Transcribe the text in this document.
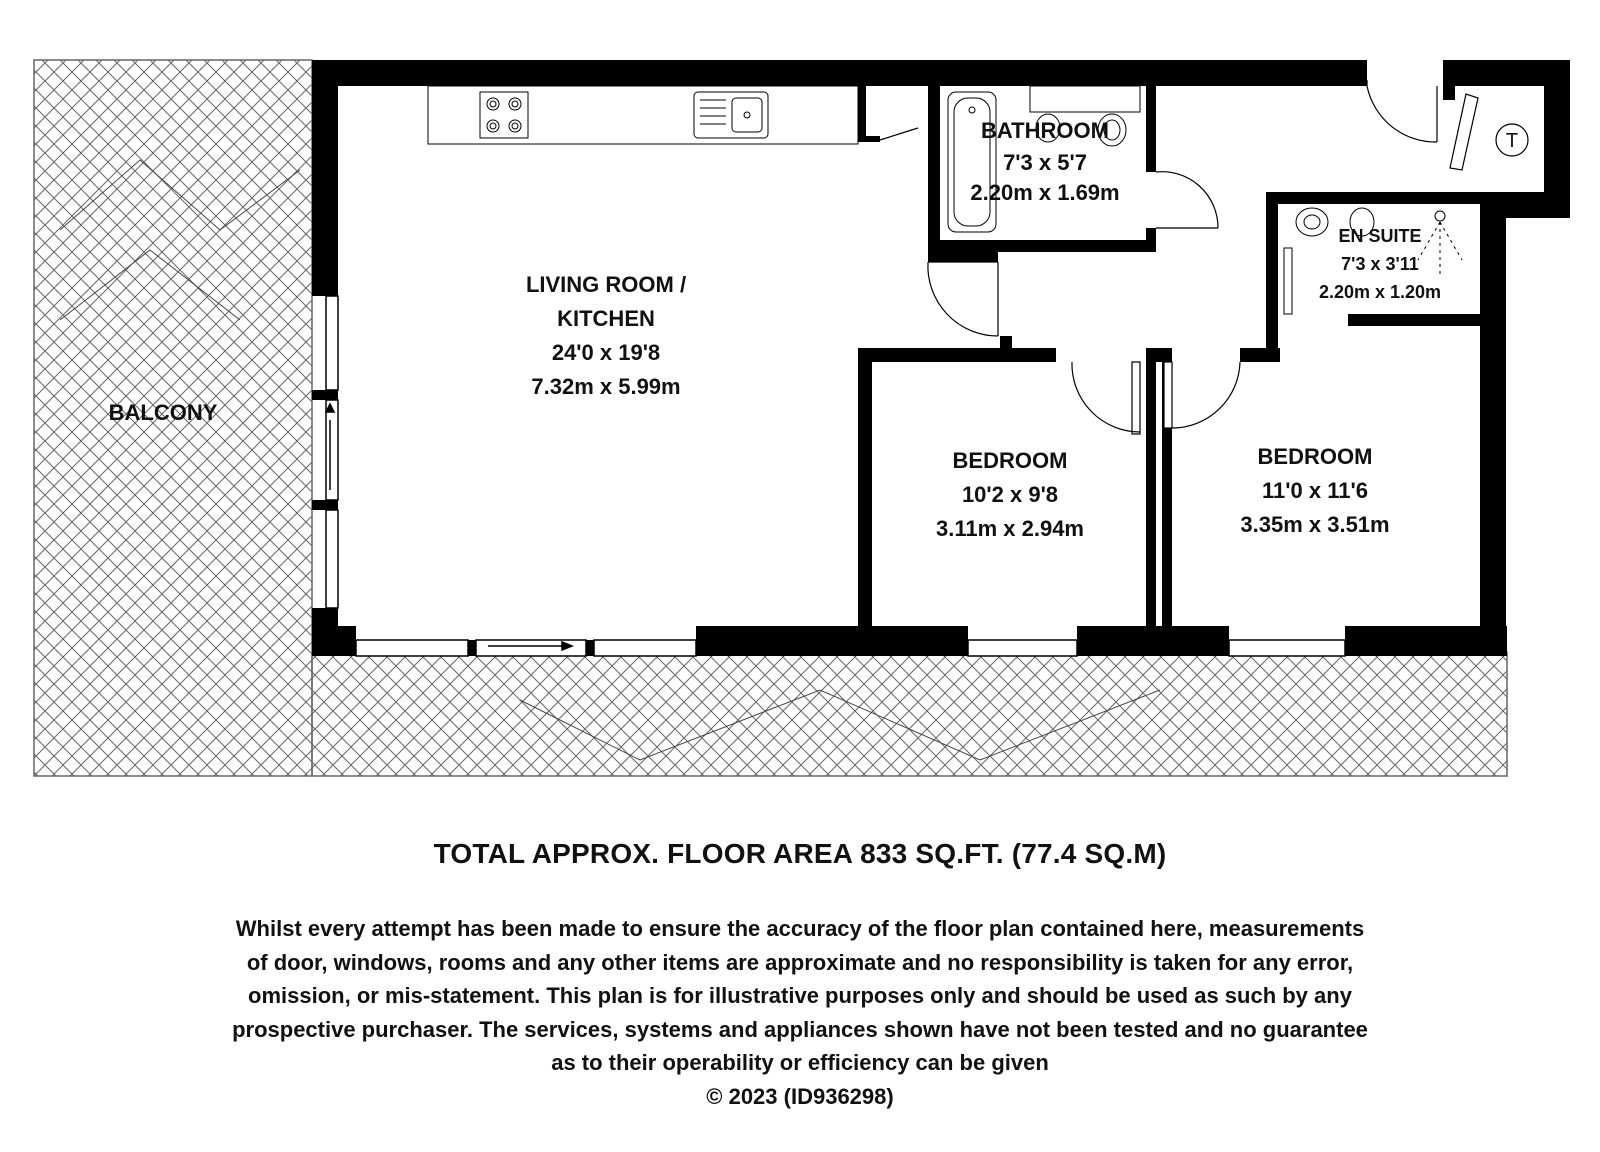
BATHROOM
7'3 x 5'7
2.20m x 1.69m
LIVING ROOM /
KITCHEN
24'0 x 19'8
7.32m x 5.99m
EN SUITE
7'3 x 3'11
2.20m x 1.20m
BEDROOM
10'2 x 9'8
3.11m x 2.94m
BEDROOM
11'0 x 11'6
3.35m x 3.51m
BALCONY
T
TOTAL APPROX. FLOOR AREA 833 SQ.FT. (77.4 SQ.M)
Whilst every attempt has been made to ensure the accuracy of the floor plan contained here, measurements
of door, windows, rooms and any other items are approximate and no responsibility is taken for any error,
omission, or mis-statement. This plan is for illustrative purposes only and should be used as such by any
prospective purchaser. The services, systems and appliances shown have not been tested and no guarantee
as to their operability or efficiency can be given
© 2023 (ID936298)
